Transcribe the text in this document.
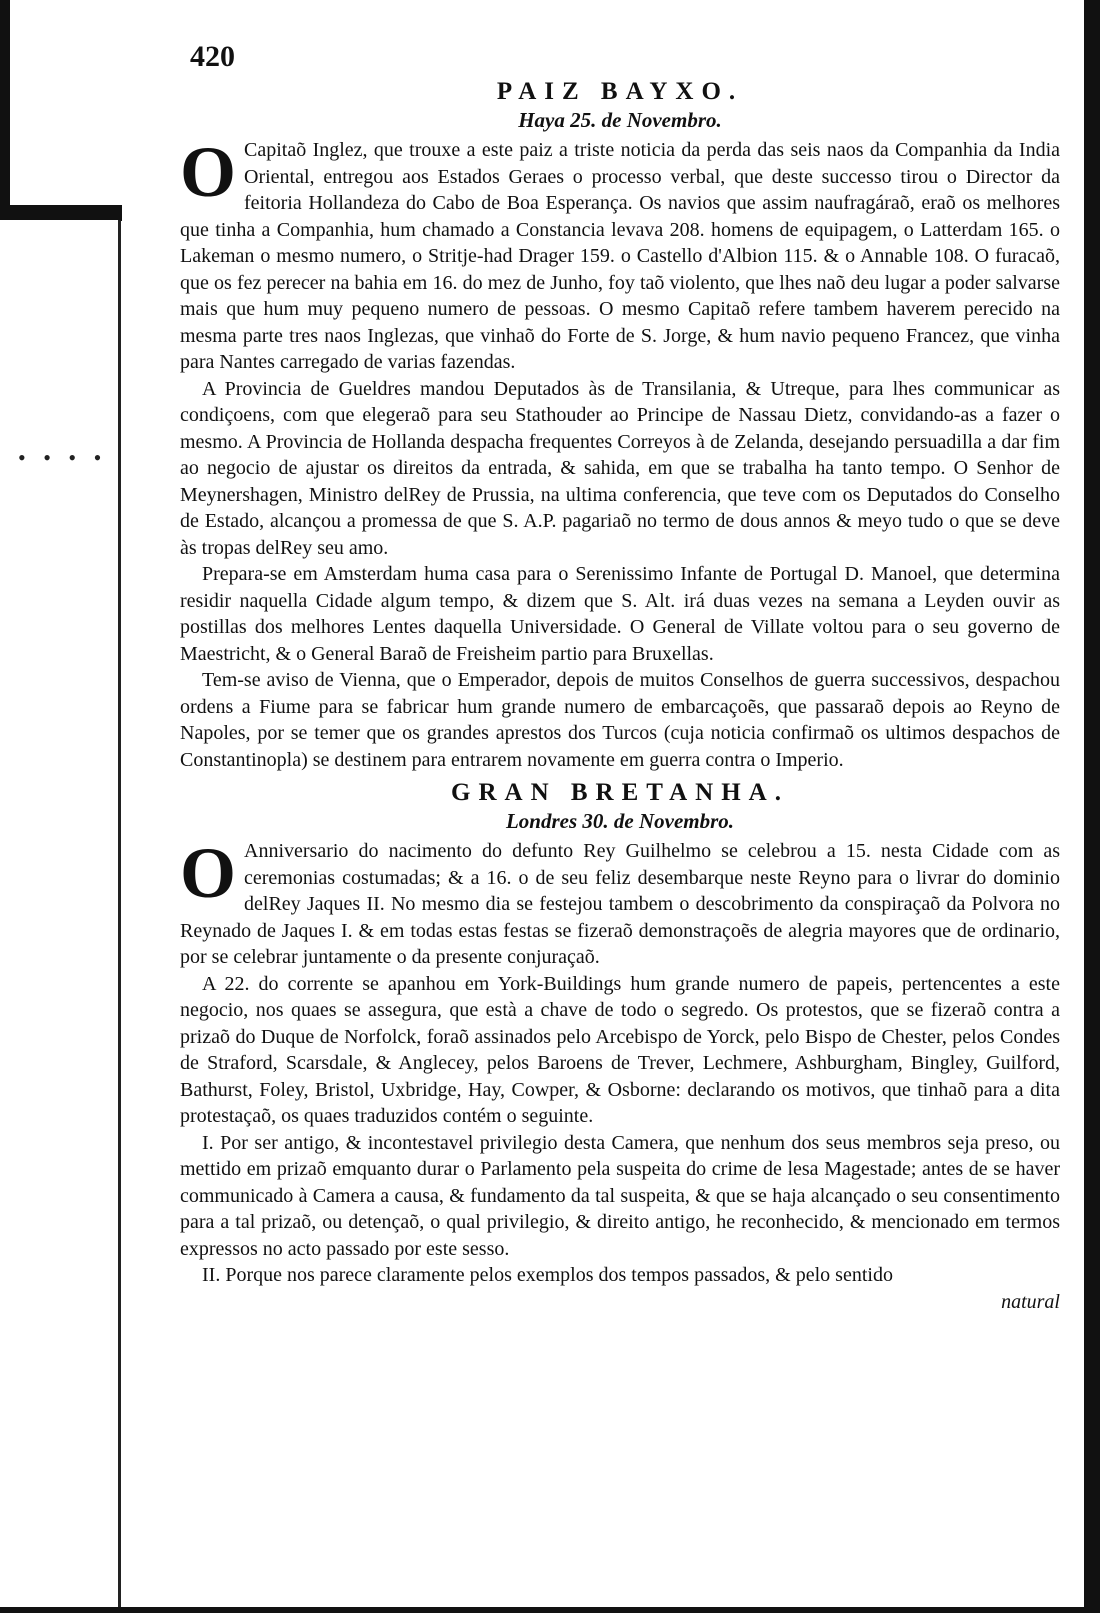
• • • •
420
PAIZ BAYXO.
Haya 25. de Novembro.

O Capitaõ Inglez, que trouxe a este paiz a triste noticia da perda das seis naos da Companhia da India Oriental, entregou aos Estados Geraes o processo verbal, que deste successo tirou o Director da feitoria Hollandeza do Cabo de Boa Esperança. Os navios que assim naufragáraõ, eraõ os melhores que tinha a Companhia, hum chamado a Constancia levava 208. homens de equipagem, o Latterdam 165. o Lakeman o mesmo numero, o Stritje-had Drager 159. o Castello d'Albion 115. & o Annable 108. O furacaõ, que os fez perecer na bahia em 16. do mez de Junho, foy taõ violento, que lhes naõ deu lugar a poder salvarse mais que hum muy pequeno numero de pessoas. O mesmo Capitaõ refere tambem haverem perecido na mesma parte tres naos Inglezas, que vinhaõ do Forte de S. Jorge, & hum navio pequeno Francez, que vinha para Nantes carregado de varias fazendas.

A Provincia de Gueldres mandou Deputados às de Transilania, & Utreque, para lhes communicar as condiçoens, com que elegeraõ para seu Stathouder ao Principe de Nassau Dietz, convidando-as a fazer o mesmo. A Provincia de Hollanda despacha frequentes Correyos à de Zelanda, desejando persuadilla a dar fim ao negocio de ajustar os direitos da entrada, & sahida, em que se trabalha ha tanto tempo. O Senhor de Meynershagen, Ministro delRey de Prussia, na ultima conferencia, que teve com os Deputados do Conselho de Estado, alcançou a promessa de que S. A.P. pagariaõ no termo de dous annos & meyo tudo o que se deve às tropas delRey seu amo.

Prepara-se em Amsterdam huma casa para o Serenissimo Infante de Portugal D. Manoel, que determina residir naquella Cidade algum tempo, & dizem que S. Alt. irá duas vezes na semana a Leyden ouvir as postillas dos melhores Lentes daquella Universidade. O General de Villate voltou para o seu governo de Maestricht, & o General Baraõ de Freisheim partio para Bruxellas.

Tem-se aviso de Vienna, que o Emperador, depois de muitos Conselhos de guerra successivos, despachou ordens a Fiume para se fabricar hum grande numero de embarcaçoẽs, que passaraõ depois ao Reyno de Napoles, por se temer que os grandes aprestos dos Turcos (cuja noticia confirmaõ os ultimos despachos de Constantinopla) se destinem para entrarem novamente em guerra contra o Imperio.

GRAN BRETANHA.
Londres 30. de Novembro.

O Anniversario do nacimento do defunto Rey Guilhelmo se celebrou a 15. nesta Cidade com as ceremonias costumadas; & a 16. o de seu feliz desembarque neste Reyno para o livrar do dominio delRey Jaques II. No mesmo dia se festejou tambem o descobrimento da conspiraçaõ da Polvora no Reynado de Jaques I. & em todas estas festas se fizeraõ demonstraçoẽs de alegria mayores que de ordinario, por se celebrar juntamente o da presente conjuraçaõ.

A 22. do corrente se apanhou em York-Buildings hum grande numero de papeis, pertencentes a este negocio, nos quaes se assegura, que està a chave de todo o segredo. Os protestos, que se fizeraõ contra a prizaõ do Duque de Norfolck, foraõ assinados pelo Arcebispo de Yorck, pelo Bispo de Chester, pelos Condes de Straford, Scarsdale, & Anglecey, pelos Baroens de Trever, Lechmere, Ashburgham, Bingley, Guilford, Bathurst, Foley, Bristol, Uxbridge, Hay, Cowper, & Osborne: declarando os motivos, que tinhaõ para a dita protestaçaõ, os quaes traduzidos contém o seguinte.

I. Por ser antigo, & incontestavel privilegio desta Camera, que nenhum dos seus membros seja preso, ou mettido em prizaõ emquanto durar o Parlamento pela suspeita do crime de lesa Magestade; antes de se haver communicado à Camera a causa, & fundamento da tal suspeita, & que se haja alcançado o seu consentimento para a tal prizaõ, ou detençaõ, o qual privilegio, & direito antigo, he reconhecido, & mencionado em termos expressos no acto passado por este sesso.

II. Porque nos parece claramente pelos exemplos dos tempos passados, & pelo sentido

natural
